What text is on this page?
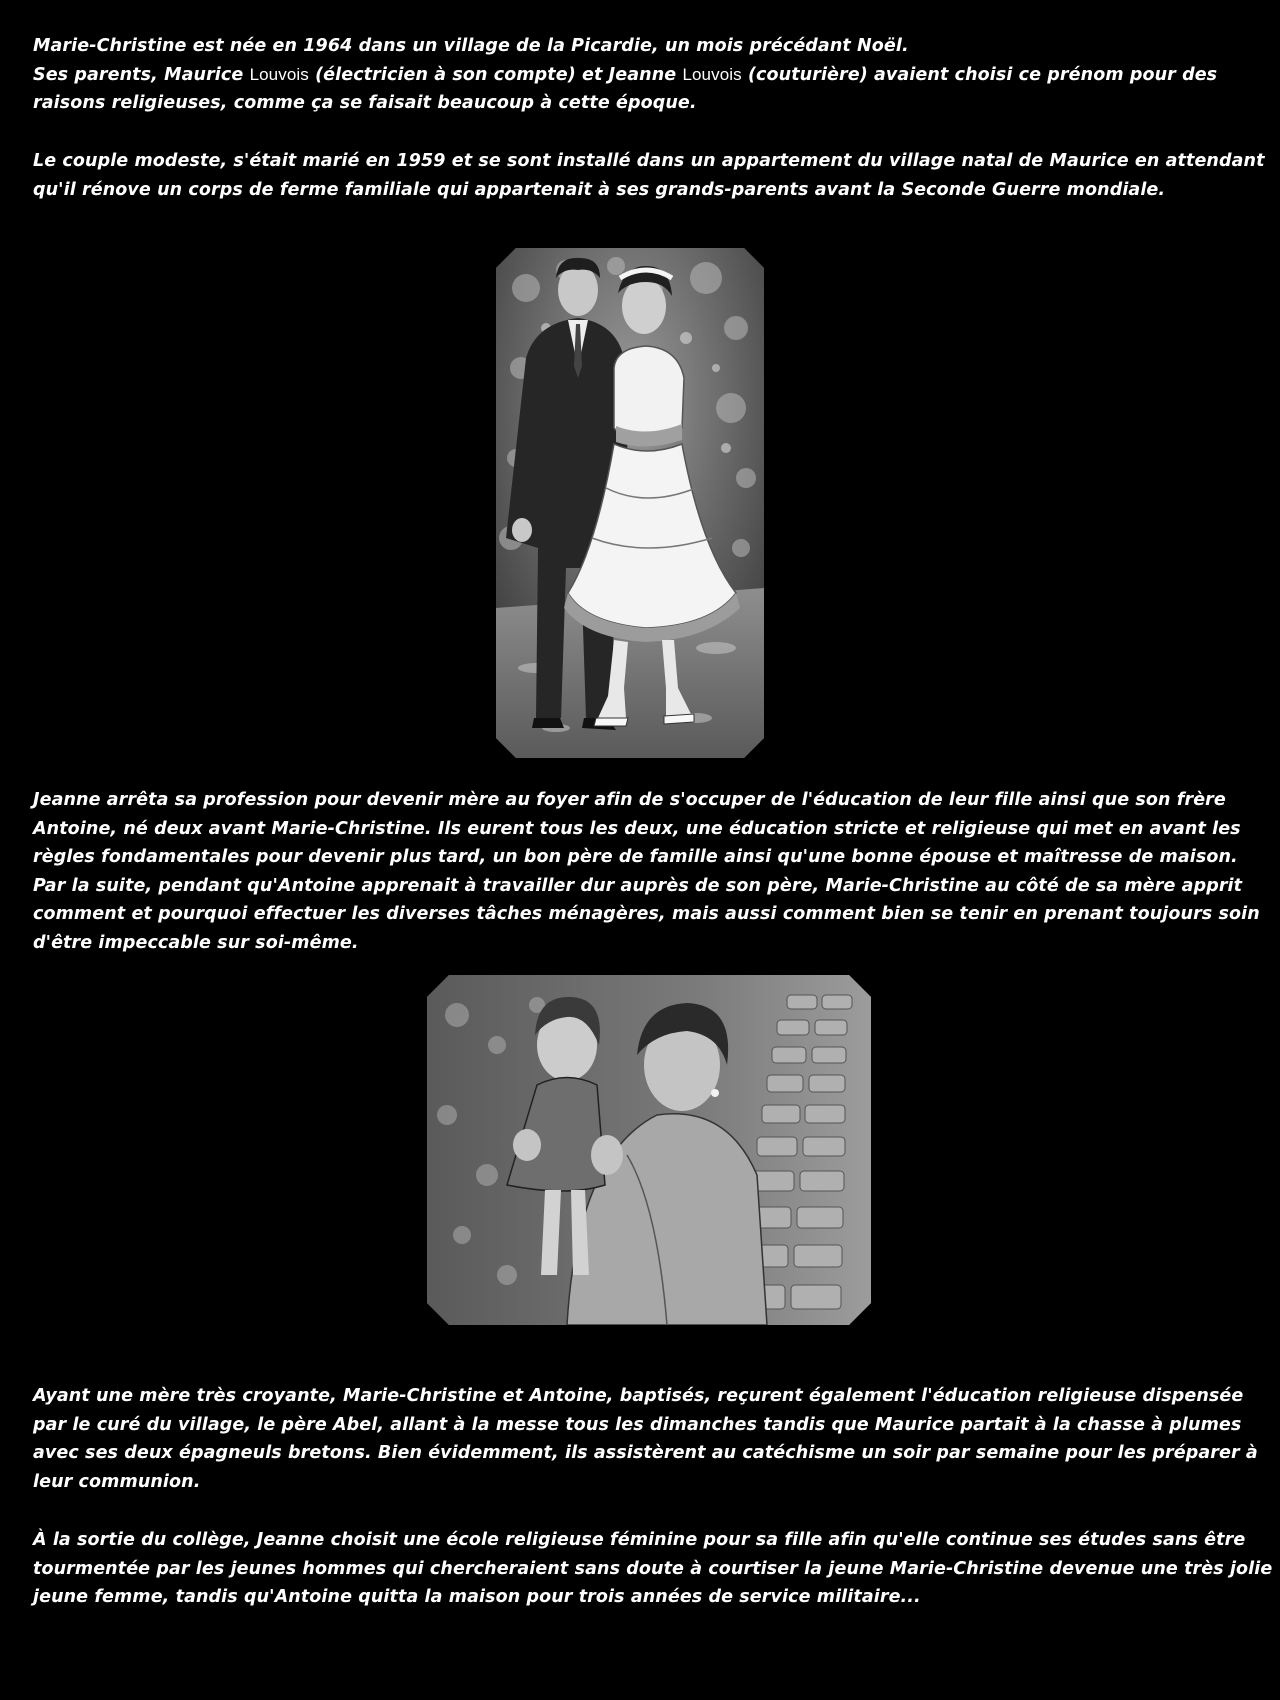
Marie-Christine est née en 1964 dans un village de la Picardie, un mois précédant Noël.
Ses parents, Maurice Louvois (électricien à son compte) et Jeanne Louvois (couturière) avaient choisi ce prénom pour des
raisons religieuses, comme ça se faisait beaucoup à cette époque.
Le couple modeste, s'était marié en 1959 et se sont installé dans un appartement du village natal de Maurice en attendant
qu'il rénove un corps de ferme familiale qui appartenait à ses grands-parents avant la Seconde Guerre mondiale.
Jeanne arrêta sa profession pour devenir mère au foyer afin de s'occuper de l'éducation de leur fille ainsi que son frère
Antoine, né deux avant Marie-Christine. Ils eurent tous les deux, une éducation stricte et religieuse qui met en avant les
règles fondamentales pour devenir plus tard, un bon père de famille ainsi qu'une bonne épouse et maîtresse de maison.
Par la suite, pendant qu'Antoine apprenait à travailler dur auprès de son père, Marie-Christine au côté de sa mère apprit
comment et pourquoi effectuer les diverses tâches ménagères, mais aussi comment bien se tenir en prenant toujours soin
d'être impeccable sur soi-même.
Ayant une mère très croyante, Marie-Christine et Antoine, baptisés, reçurent également l'éducation religieuse dispensée
par le curé du village, le père Abel, allant à la messe tous les dimanches tandis que Maurice partait à la chasse à plumes
avec ses deux épagneuls bretons. Bien évidemment, ils assistèrent au catéchisme un soir par semaine pour les préparer à
leur communion.
À la sortie du collège, Jeanne choisit une école religieuse féminine pour sa fille afin qu'elle continue ses études sans être
tourmentée par les jeunes hommes qui chercheraient sans doute à courtiser la jeune Marie-Christine devenue une très jolie
jeune femme, tandis qu'Antoine quitta la maison pour trois années de service militaire...
